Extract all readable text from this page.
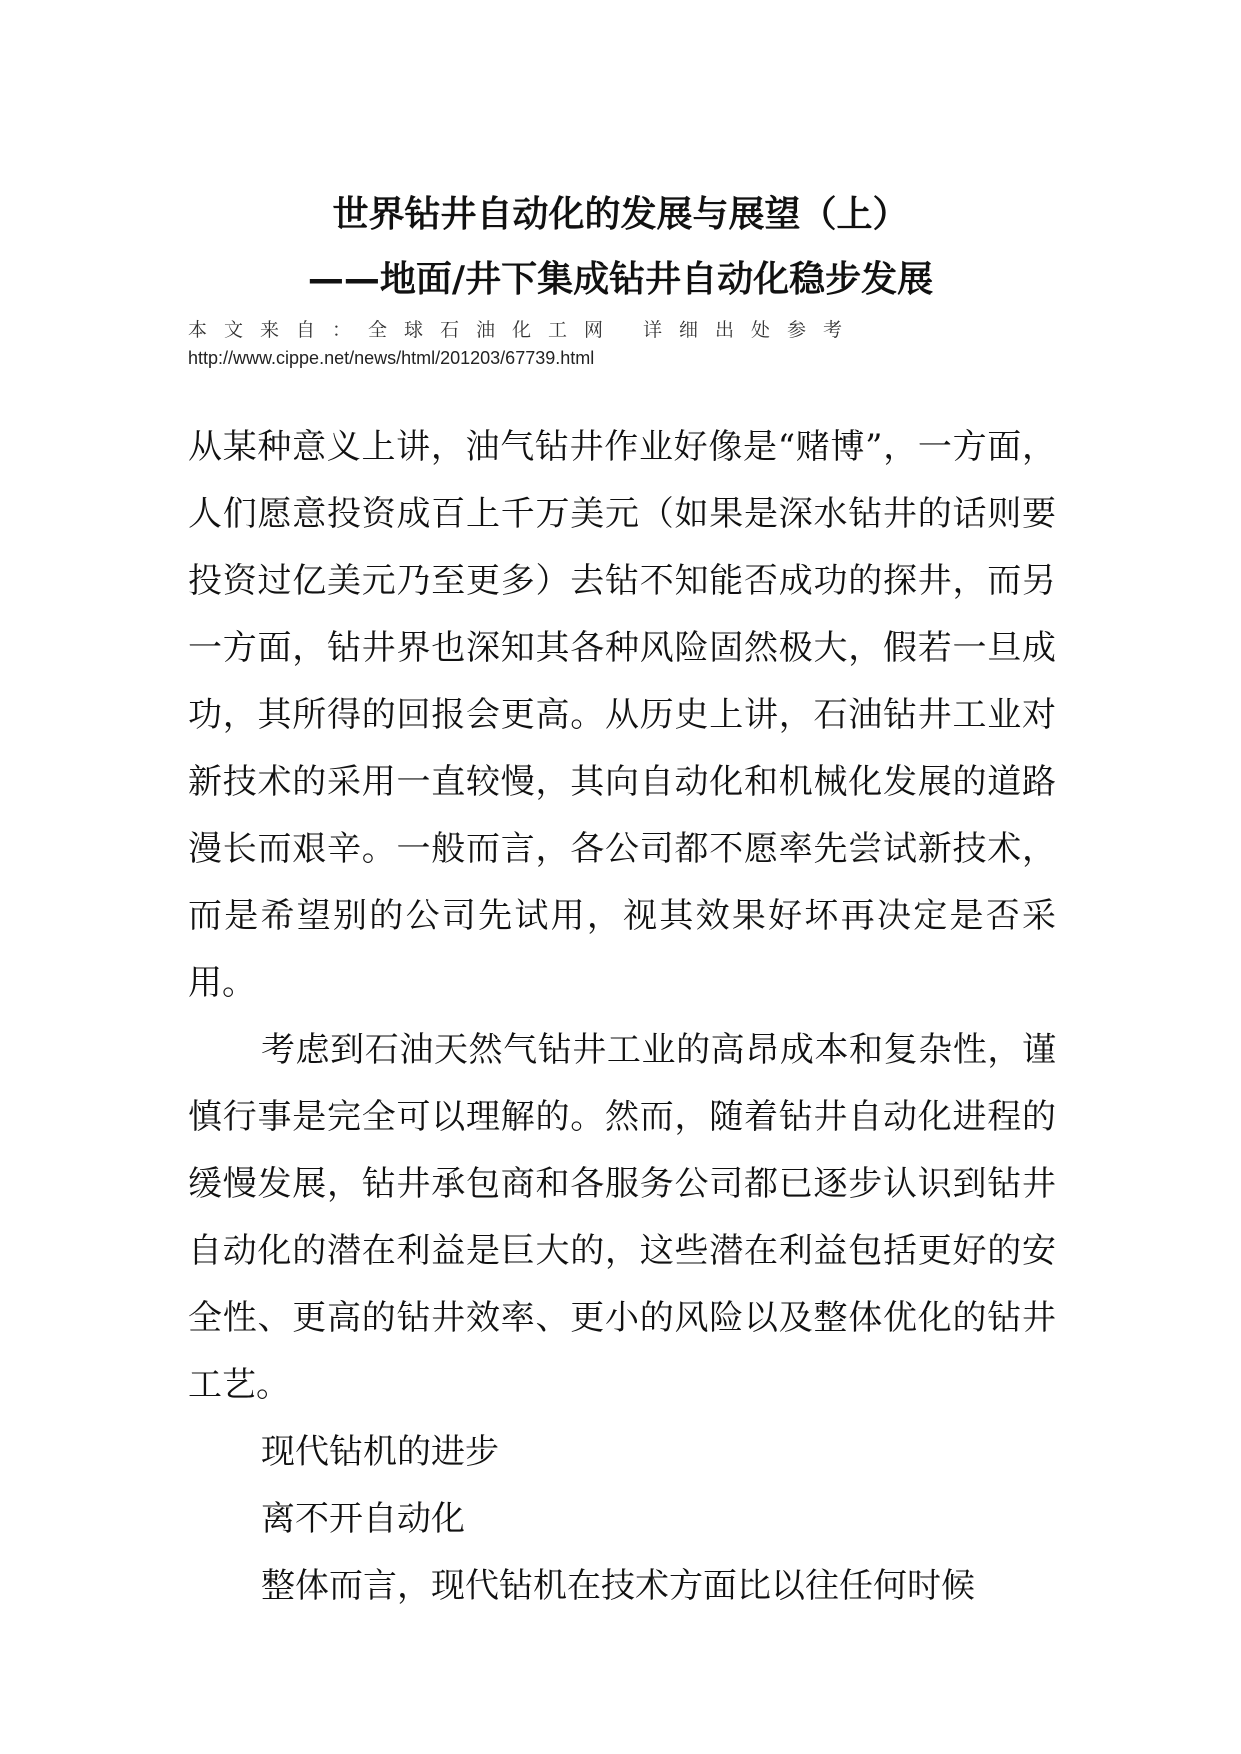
世界钻井自动化的发展与展望（上）
——地面/井下集成钻井自动化稳步发展
本文来自：全球石油化工网 详细出处参考
http://www.cippe.net/news/html/201203/67739.html

从某种意义上讲，油气钻井作业好像是“赌博”，一方面，人们愿意投资成百上千万美元（如果是深水钻井的话则要投资过亿美元乃至更多）去钻不知能否成功的探井，而另一方面，钻井界也深知其各种风险固然极大，假若一旦成功，其所得的回报会更高。从历史上讲，石油钻井工业对新技术的采用一直较慢，其向自动化和机械化发展的道路漫长而艰辛。一般而言，各公司都不愿率先尝试新技术，而是希望别的公司先试用，视其效果好坏再决定是否采用。

考虑到石油天然气钻井工业的高昂成本和复杂性，谨慎行事是完全可以理解的。然而，随着钻井自动化进程的缓慢发展，钻井承包商和各服务公司都已逐步认识到钻井自动化的潜在利益是巨大的，这些潜在利益包括更好的安全性、更高的钻井效率、更小的风险以及整体优化的钻井工艺。

现代钻机的进步

离不开自动化

整体而言，现代钻机在技术方面比以往任何时候
